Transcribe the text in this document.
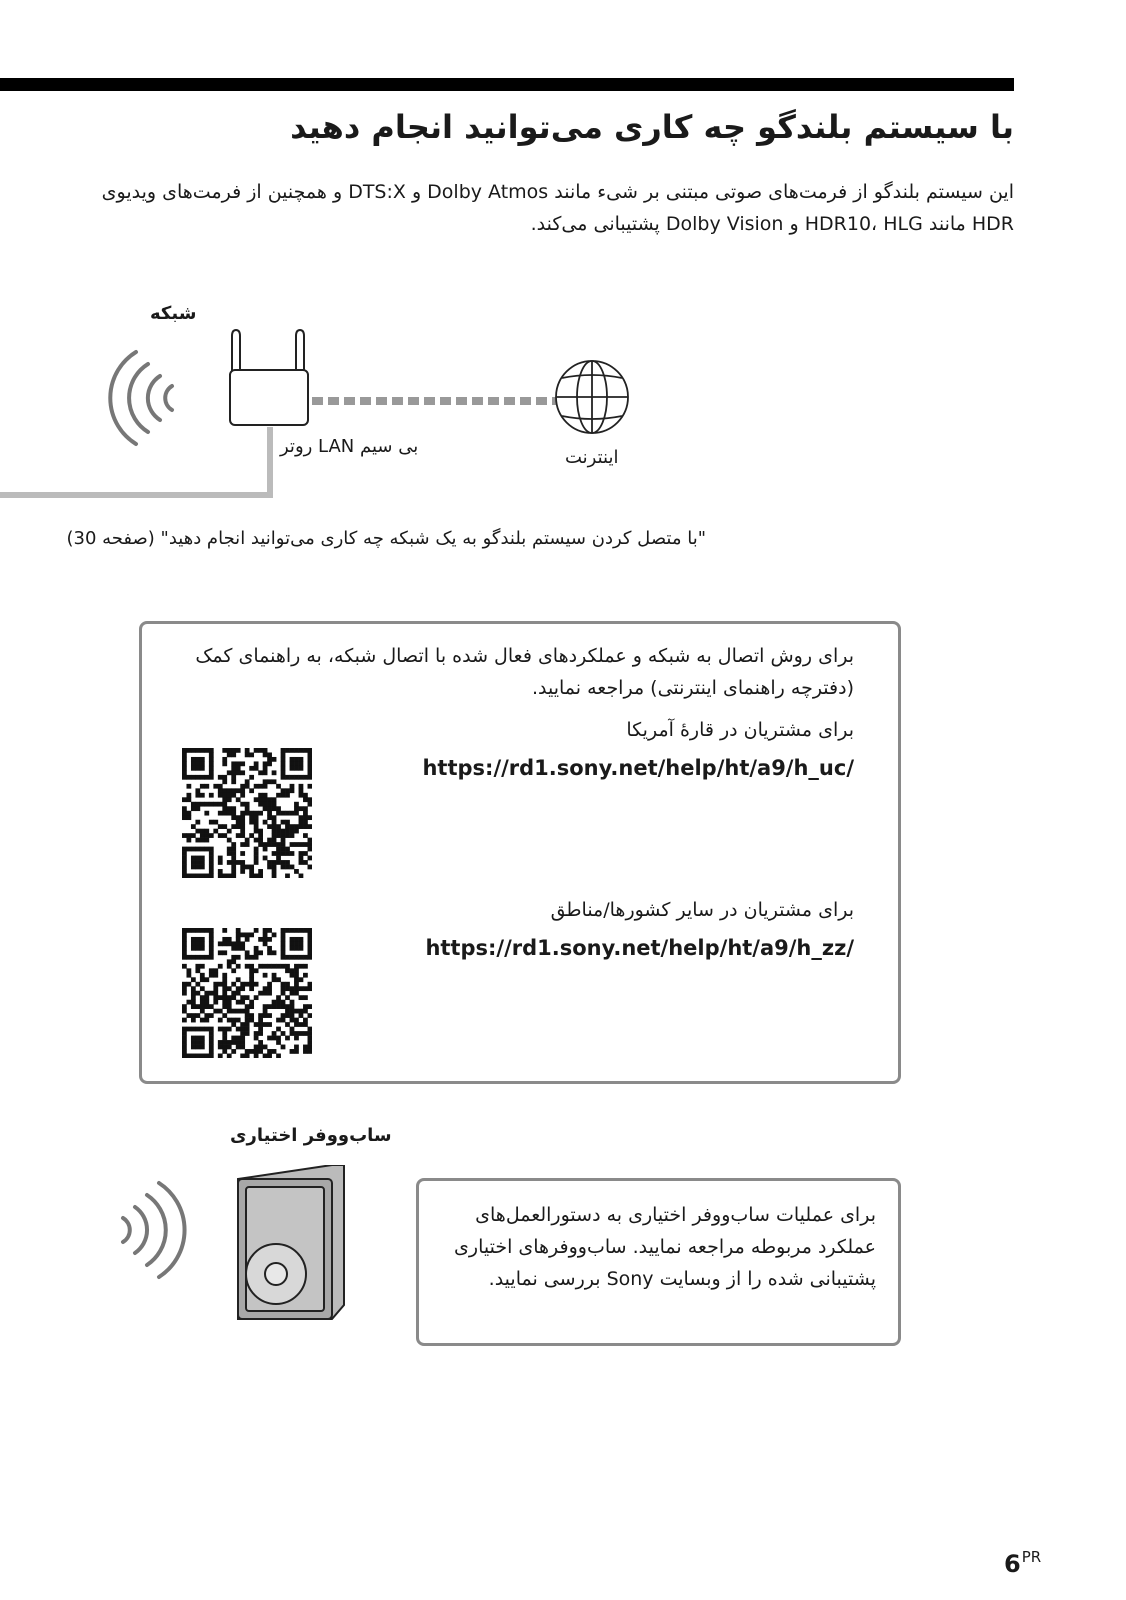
با سیستم بلندگو چه کاری می‌توانید انجام دهید
این سیستم بلندگو از فرمت‌های صوتی مبتنی بر شیء مانند Dolby Atmos و DTS:X و همچنین از فرمت‌های ویدیوی HDR مانند HDR10، HLG و Dolby Vision پشتیبانی می‌کند.
شبکه
روتر LAN بی سیم
اینترنت
"با متصل کردن سیستم بلندگو به یک شبکه چه کاری می‌توانید انجام دهید" (صفحه 30)
برای روش اتصال به شبکه و عملکردهای فعال شده با اتصال شبکه، به راهنمای کمک (دفترچه راهنمای اینترنتی) مراجعه نمایید.
برای مشتریان در قارهٔ آمریکا
https://rd1.sony.net/help/ht/a9/h_uc/
برای مشتریان در سایر کشورها/مناطق
https://rd1.sony.net/help/ht/a9/h_zz/
ساب‌ووفر اختیاری
برای عملیات ساب‌ووفر اختیاری به دستورالعمل‌های عملکرد مربوطه مراجعه نمایید. ساب‌ووفرهای اختیاری پشتیبانی شده را از وبسایت Sony بررسی نمایید.
$6^{PR}$
